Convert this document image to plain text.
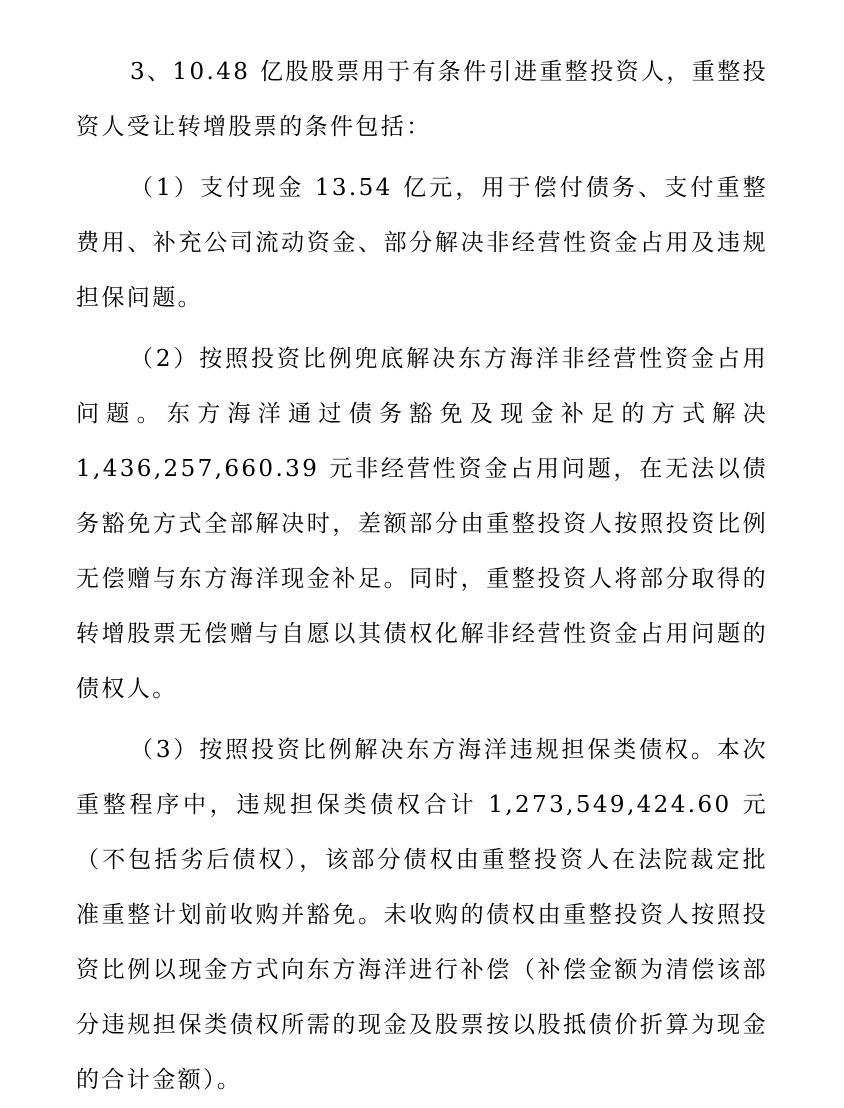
3、10.48 亿股股票用于有条件引进重整投资人，重整投资人受让转增股票的条件包括：

（1）支付现金 13.54 亿元，用于偿付债务、支付重整费用、补充公司流动资金、部分解决非经营性资金占用及违规担保问题。

（2）按照投资比例兜底解决东方海洋非经营性资金占用问题。东方海洋通过债务豁免及现金补足的方式解决1,436,257,660.39 元非经营性资金占用问题，在无法以债务豁免方式全部解决时，差额部分由重整投资人按照投资比例无偿赠与东方海洋现金补足。同时，重整投资人将部分取得的转增股票无偿赠与自愿以其债权化解非经营性资金占用问题的债权人。

（3）按照投资比例解决东方海洋违规担保类债权。本次重整程序中，违规担保类债权合计 1,273,549,424.60 元（不包括劣后债权），该部分债权由重整投资人在法院裁定批准重整计划前收购并豁免。未收购的债权由重整投资人按照投资比例以现金方式向东方海洋进行补偿（补偿金额为清偿该部分违规担保类债权所需的现金及股票按以股抵债价折算为现金的合计金额）。
